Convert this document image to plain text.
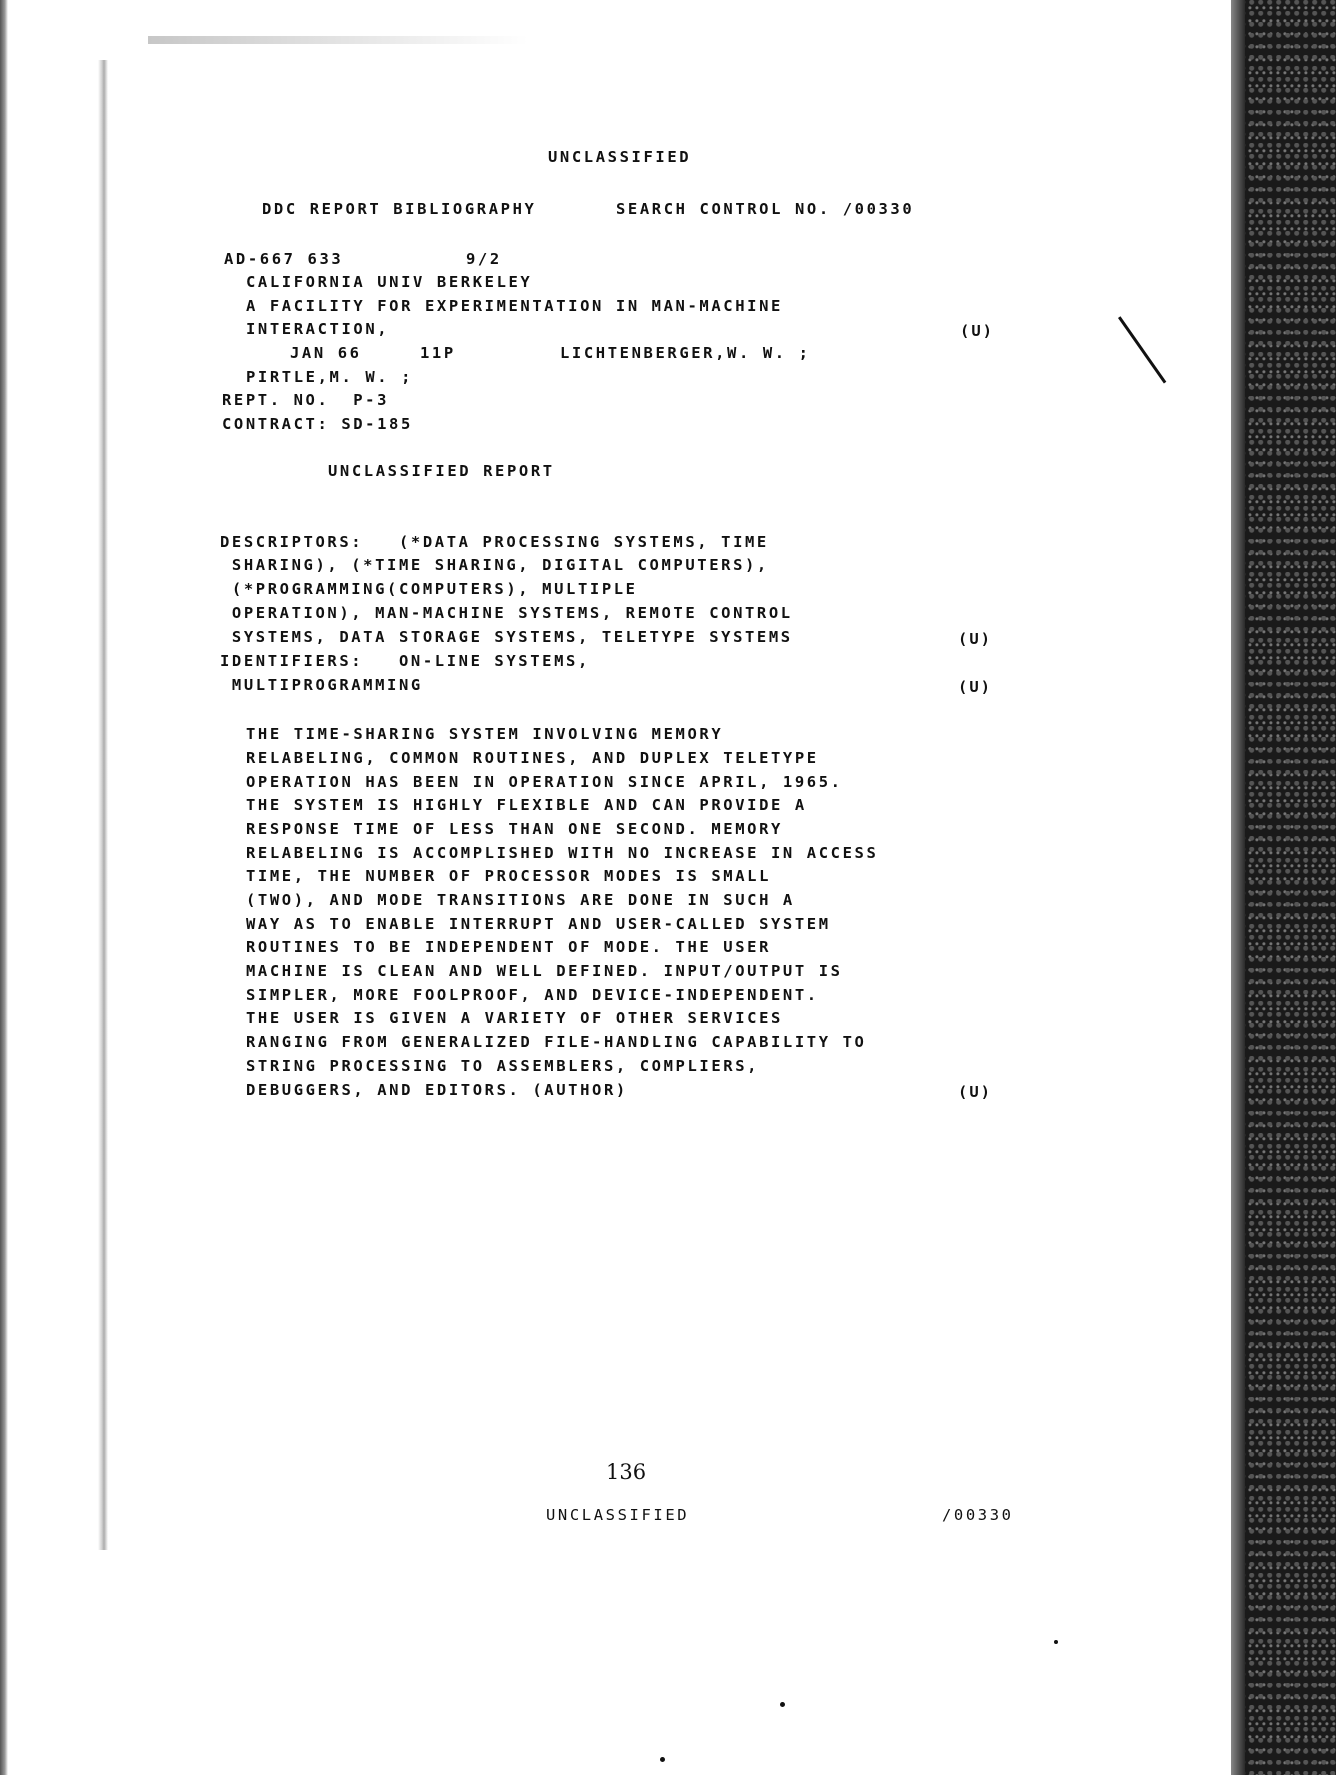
UNCLASSIFIED
DDC REPORT BIBLIOGRAPHY	SEARCH CONTROL NO. /00330
AD-667 633	9/2
CALIFORNIA UNIV BERKELEY
A FACILITY FOR EXPERIMENTATION IN MAN-MACHINE
INTERACTION,	(U)
JAN 66	11P	LICHTENBERGER,W. W. ;
PIRTLE,M. W. ;
REPT. NO.  P-3
CONTRACT: SD-185
UNCLASSIFIED REPORT
DESCRIPTORS:   (*DATA PROCESSING SYSTEMS, TIME
SHARING), (*TIME SHARING, DIGITAL COMPUTERS),
(*PROGRAMMING(COMPUTERS), MULTIPLE
OPERATION), MAN-MACHINE SYSTEMS, REMOTE CONTROL
SYSTEMS, DATA STORAGE SYSTEMS, TELETYPE SYSTEMS	(U)
IDENTIFIERS:   ON-LINE SYSTEMS,
MULTIPROGRAMMING	(U)
THE TIME-SHARING SYSTEM INVOLVING MEMORY
RELABELING, COMMON ROUTINES, AND DUPLEX TELETYPE
OPERATION HAS BEEN IN OPERATION SINCE APRIL, 1965.
THE SYSTEM IS HIGHLY FLEXIBLE AND CAN PROVIDE A
RESPONSE TIME OF LESS THAN ONE SECOND. MEMORY
RELABELING IS ACCOMPLISHED WITH NO INCREASE IN ACCESS
TIME, THE NUMBER OF PROCESSOR MODES IS SMALL
(TWO), AND MODE TRANSITIONS ARE DONE IN SUCH A
WAY AS TO ENABLE INTERRUPT AND USER-CALLED SYSTEM
ROUTINES TO BE INDEPENDENT OF MODE. THE USER
MACHINE IS CLEAN AND WELL DEFINED. INPUT/OUTPUT IS
SIMPLER, MORE FOOLPROOF, AND DEVICE-INDEPENDENT.
THE USER IS GIVEN A VARIETY OF OTHER SERVICES
RANGING FROM GENERALIZED FILE-HANDLING CAPABILITY TO
STRING PROCESSING TO ASSEMBLERS, COMPLIERS,
DEBUGGERS, AND EDITORS. (AUTHOR)	(U)
136
UNCLASSIFIED	/00330
